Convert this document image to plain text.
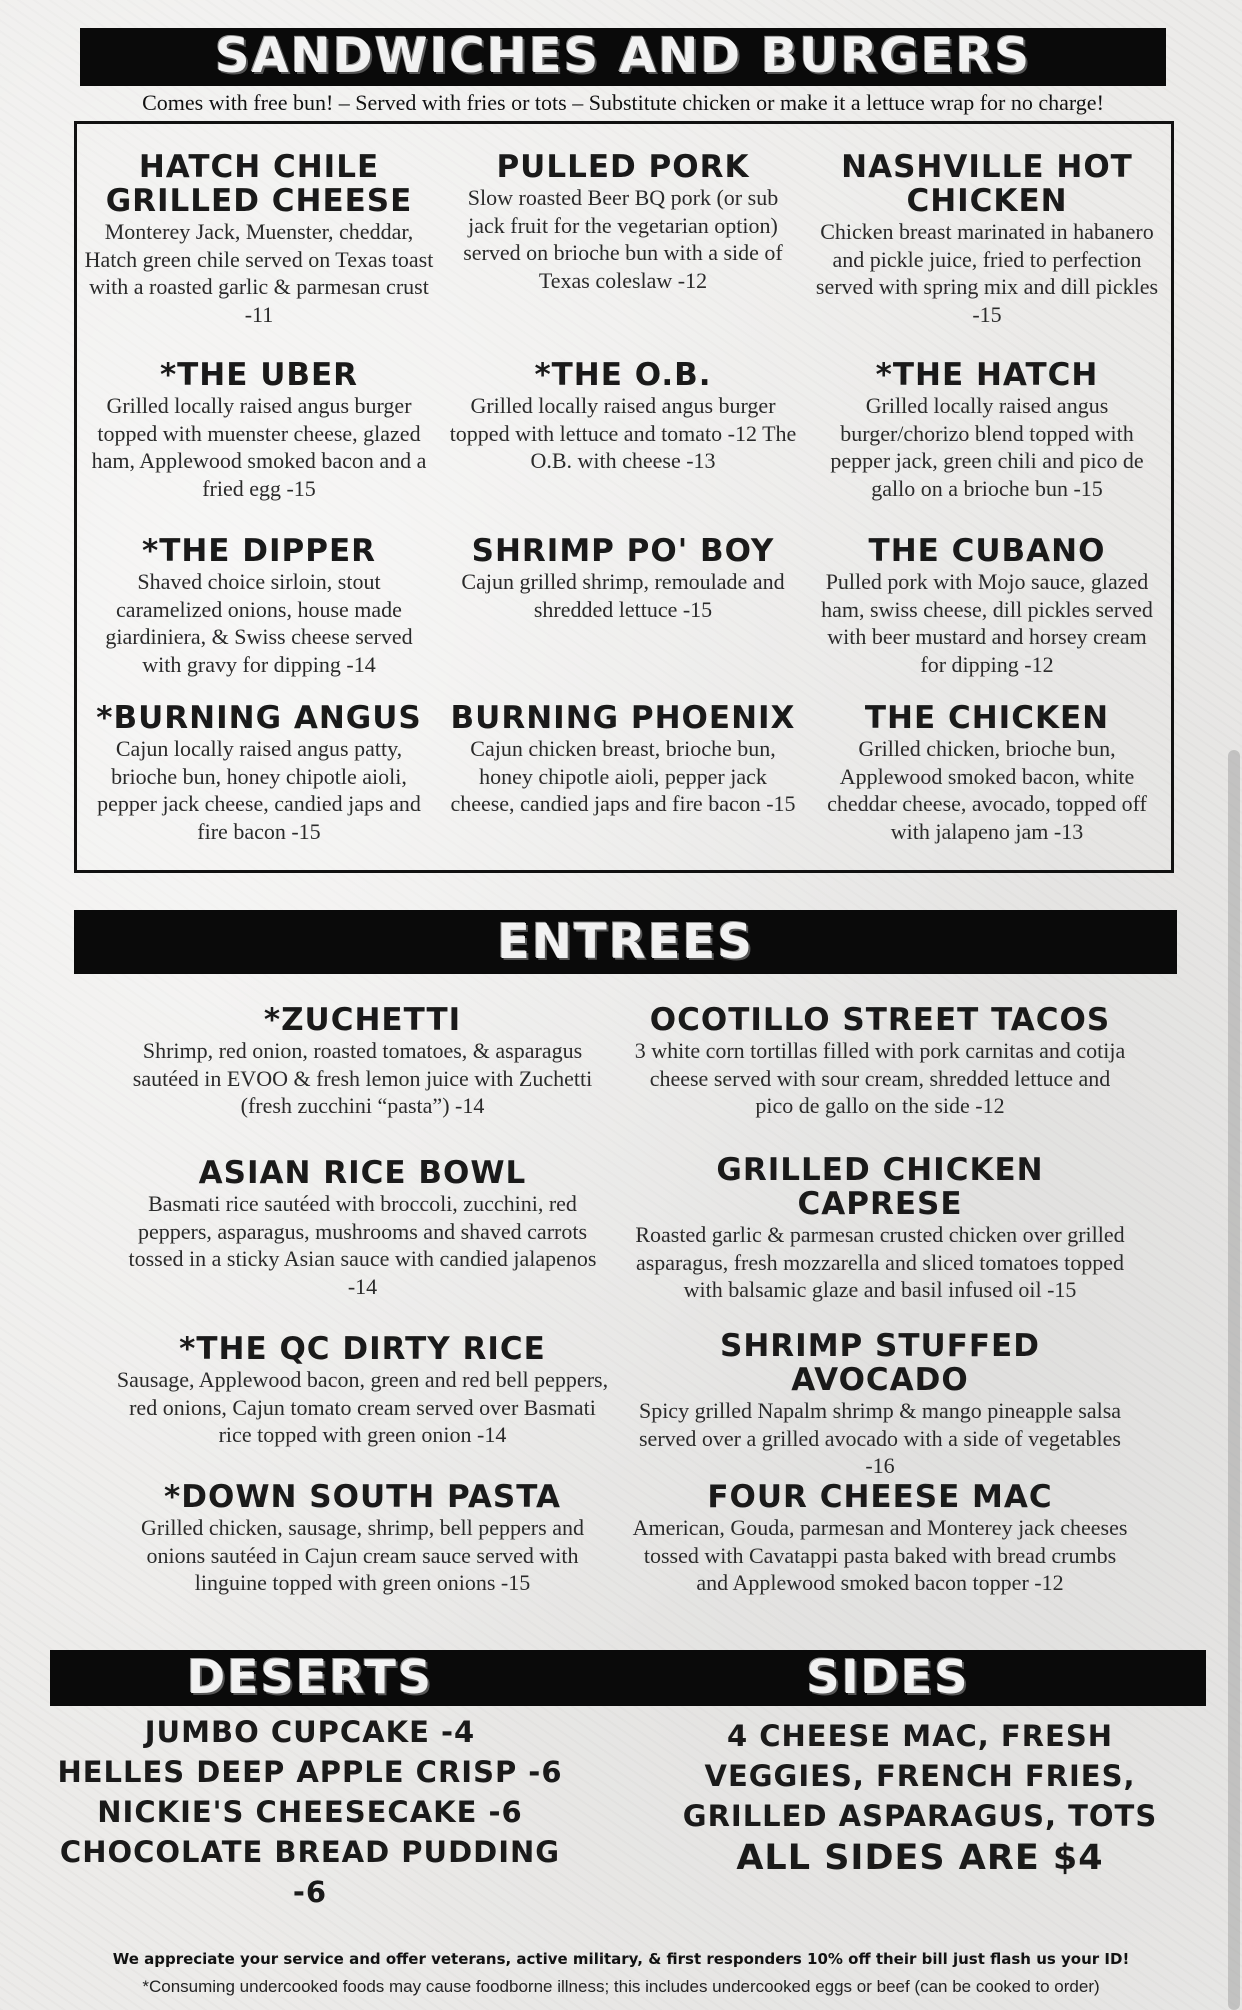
SANDWICHES AND BURGERS
Comes with free bun! – Served with fries or tots – Substitute chicken or make it a lettuce wrap for no charge!
HATCH CHILE GRILLED CHEESE
Monterey Jack, Muenster, cheddar, Hatch green chile served on Texas toast with a roasted garlic & parmesan crust -11
PULLED PORK
Slow roasted Beer BQ pork (or sub jack fruit for the vegetarian option) served on brioche bun with a side of Texas coleslaw -12
NASHVILLE HOT CHICKEN
Chicken breast marinated in habanero and pickle juice, fried to perfection served with spring mix and dill pickles -15
*THE UBER
Grilled locally raised angus burger topped with muenster cheese, glazed ham, Applewood smoked bacon and a fried egg -15
*THE O.B.
Grilled locally raised angus burger topped with lettuce and tomato -12 The O.B. with cheese -13
*THE HATCH
Grilled locally raised angus burger/chorizo blend topped with pepper jack, green chili and pico de gallo on a brioche bun -15
*THE DIPPER
Shaved choice sirloin, stout caramelized onions, house made giardiniera, & Swiss cheese served with gravy for dipping -14
SHRIMP PO' BOY
Cajun grilled shrimp, remoulade and shredded lettuce -15
THE CUBANO
Pulled pork with Mojo sauce, glazed ham, swiss cheese, dill pickles served with beer mustard and horsey cream for dipping -12
*BURNING ANGUS
Cajun locally raised angus patty, brioche bun, honey chipotle aioli, pepper jack cheese, candied japs and fire bacon -15
BURNING PHOENIX
Cajun chicken breast, brioche bun, honey chipotle aioli, pepper jack cheese, candied japs and fire bacon -15
THE CHICKEN
Grilled chicken, brioche bun, Applewood smoked bacon, white cheddar cheese, avocado, topped off with jalapeno jam -13
ENTREES
*ZUCHETTI
Shrimp, red onion, roasted tomatoes, & asparagus sautéed in EVOO & fresh lemon juice with Zuchetti (fresh zucchini “pasta”) -14
OCOTILLO STREET TACOS
3 white corn tortillas filled with pork carnitas and cotija cheese served with sour cream, shredded lettuce and pico de gallo on the side -12
ASIAN RICE BOWL
Basmati rice sautéed with broccoli, zucchini, red peppers, asparagus, mushrooms and shaved carrots tossed in a sticky Asian sauce with candied jalapenos -14
GRILLED CHICKEN CAPRESE
Roasted garlic & parmesan crusted chicken over grilled asparagus, fresh mozzarella and sliced tomatoes topped with balsamic glaze and basil infused oil -15
*THE QC DIRTY RICE
Sausage, Applewood bacon, green and red bell peppers, red onions, Cajun tomato cream served over Basmati rice topped with green onion -14
SHRIMP STUFFED AVOCADO
Spicy grilled Napalm shrimp & mango pineapple salsa served over a grilled avocado with a side of vegetables -16
*DOWN SOUTH PASTA
Grilled chicken, sausage, shrimp, bell peppers and onions sautéed in Cajun cream sauce served with linguine topped with green onions -15
FOUR CHEESE MAC
American, Gouda, parmesan and Monterey jack cheeses tossed with Cavatappi pasta baked with bread crumbs and Applewood smoked bacon topper -12
DESERTS	SIDES

JUMBO CUPCAKE -4
HELLES DEEP APPLE CRISP -6
NICKIE'S CHEESECAKE -6
CHOCOLATE BREAD PUDDING -6
4 CHEESE MAC, FRESH
VEGGIES, FRENCH FRIES,
GRILLED ASPARAGUS, TOTS
ALL SIDES ARE $4
We appreciate your service and offer veterans, active military, & first responders 10% off their bill just flash us your ID!
*Consuming undercooked foods may cause foodborne illness; this includes undercooked eggs or beef (can be cooked to order)
